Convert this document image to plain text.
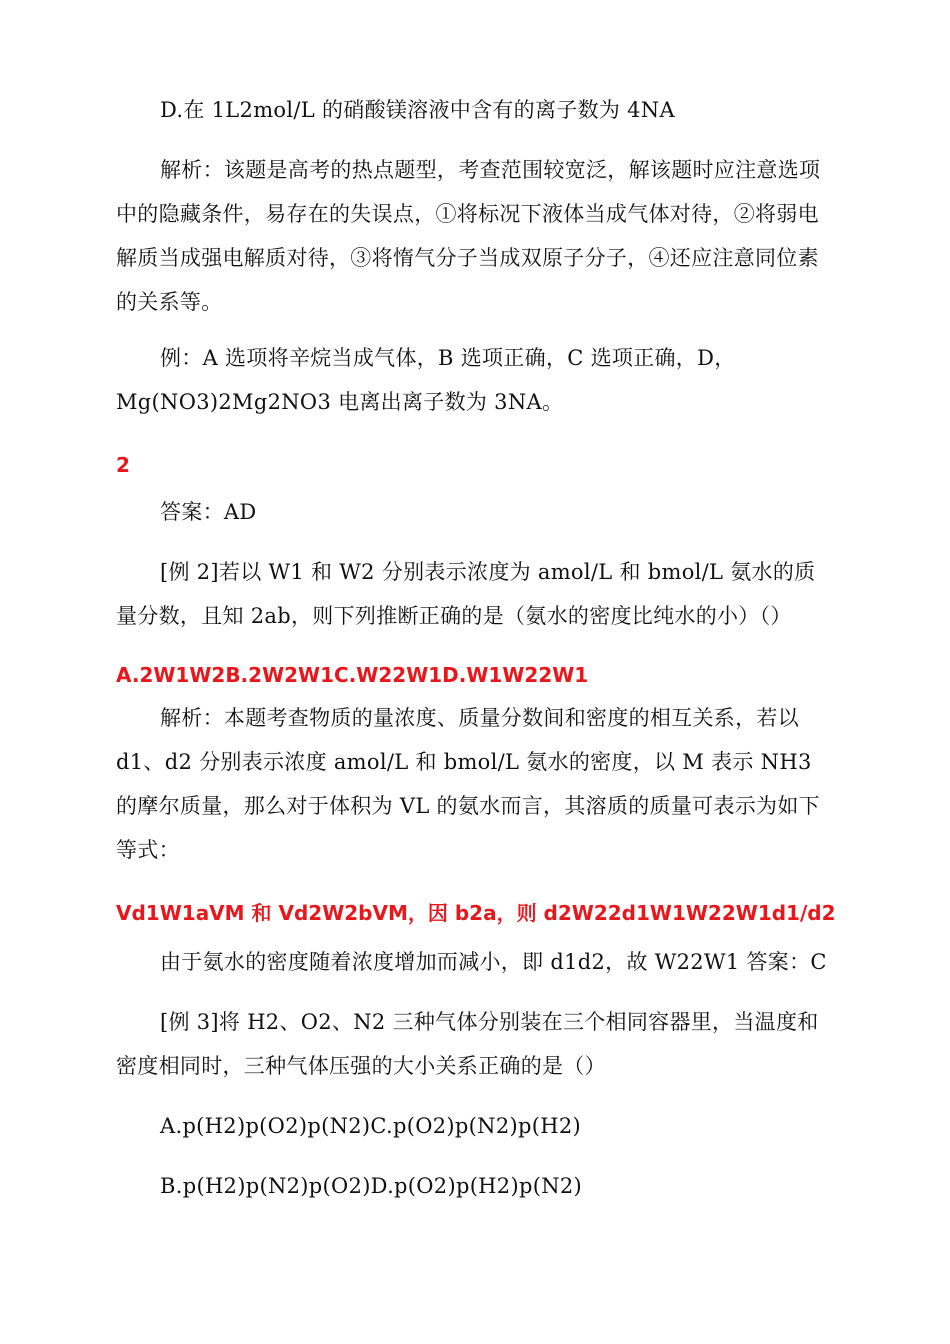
D.在 1L2mol/L 的硝酸镁溶液中含有的离子数为 4NA

解析：该题是高考的热点题型，考查范围较宽泛，解该题时应注意选项中的隐藏条件，易存在的失误点，①将标况下液体当成气体对待，②将弱电解质当成强电解质对待，③将惰气分子当成双原子分子，④还应注意同位素的关系等。

例：A 选项将辛烷当成气体，B 选项正确，C 选项正确，D，
Mg(NO3)2Mg2NO3 电离出离子数为 3NA。

2

答案：AD

[例 2]若以 W1 和 W2 分别表示浓度为 amol/L 和 bmol/L 氨水的质量分数，且知 2ab，则下列推断正确的是（氨水的密度比纯水的小）（）

A.2W1W2B.2W2W1C.W22W1D.W1W22W1

解析：本题考查物质的量浓度、质量分数间和密度的相互关系，若以 d1、d2 分别表示浓度 amol/L 和 bmol/L 氨水的密度，以 M 表示 NH3 的摩尔质量，那么对于体积为 VL 的氨水而言，其溶质的质量可表示为如下等式：

Vd1W1aVM 和 Vd2W2bVM，因 b2a，则 d2W22d1W1W22W1d1/d2

由于氨水的密度随着浓度增加而减小，即 d1d2，故 W22W1 答案：C

[例 3]将 H2、O2、N2 三种气体分别装在三个相同容器里，当温度和密度相同时，三种气体压强的大小关系正确的是（）

A.p(H2)p(O2)p(N2)C.p(O2)p(N2)p(H2)

B.p(H2)p(N2)p(O2)D.p(O2)p(H2)p(N2)
